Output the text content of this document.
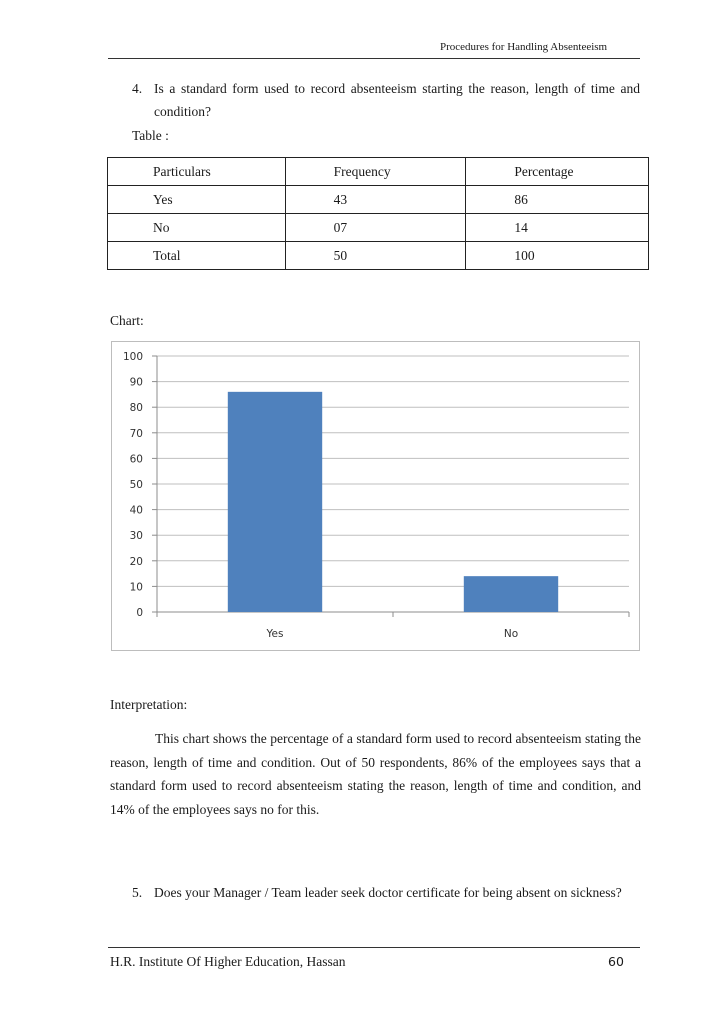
Procedures for Handling Absenteeism
4. Is a standard form used to record absenteeism starting the reason, length of time and condition?
Table :
Particulars	Frequency	Percentage
Yes	43	86
No	07	14
Total	50	100
Chart:
0
10
20
30
40
50
60
70
80
90
100
Yes	No
Interpretation:
This chart shows the percentage of a standard form used to record absenteeism stating the reason, length of time and condition. Out of 50 respondents, 86% of the employees says that a standard form used to record absenteeism stating the reason, length of time and condition, and 14% of the employees says no for this.
5. Does your Manager / Team leader seek doctor certificate for being absent on sickness?
H.R. Institute Of Higher Education, Hassan	60
